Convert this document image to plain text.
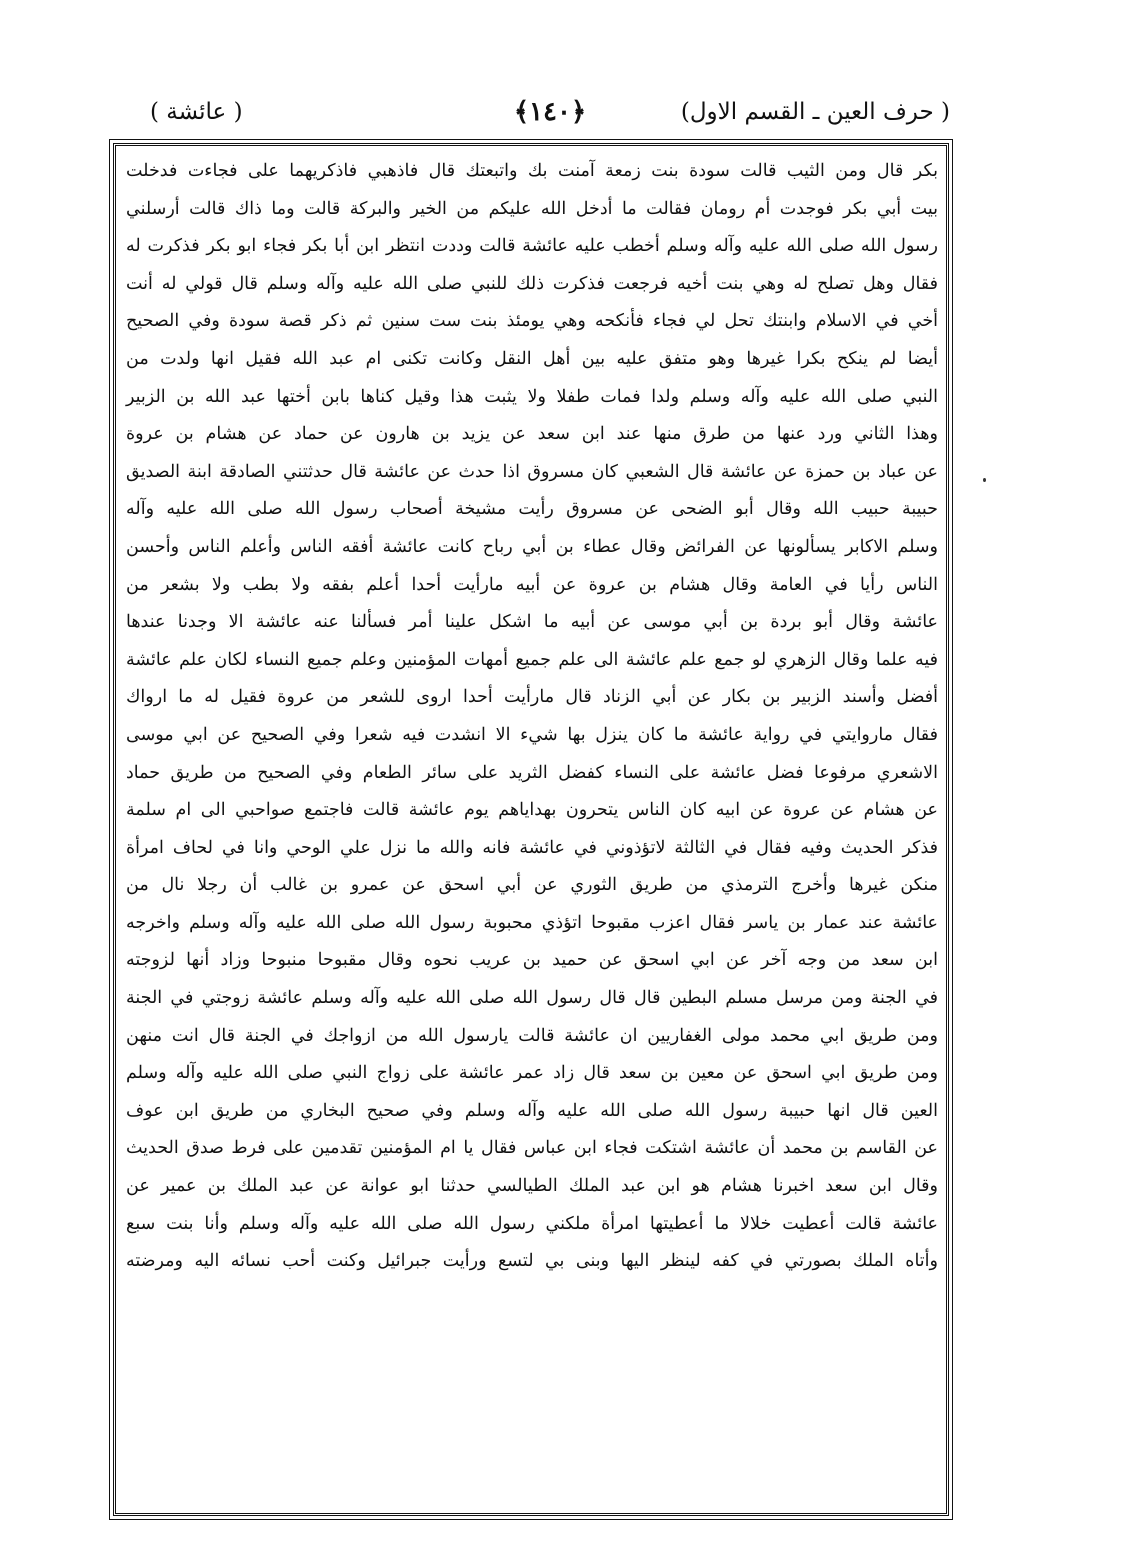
( حرف العين ـ القسم الاول)
﴿١٤٠﴾
( عائشة )
بكر قال ومن الثيب قالت سودة بنت زمعة آمنت بك واتبعتك قال فاذهبي فاذكريهما على فجاءت فدخلت
بيت أبي بكر فوجدت أم رومان فقالت ما أدخل الله عليكم من الخير والبركة قالت وما ذاك قالت أرسلني
رسول الله صلى الله عليه وآله وسلم أخطب عليه عائشة قالت وددت انتظر ابن أبا بكر فجاء ابو بكر فذكرت له
فقال وهل تصلح له وهي بنت أخيه فرجعت فذكرت ذلك للنبي صلى الله عليه وآله وسلم قال قولي له أنت
أخي في الاسلام وابنتك تحل لي فجاء فأنكحه وهي يومئذ بنت ست سنين ثم ذكر قصة سودة وفي الصحيح
أيضا لم ينكح بكرا غيرها وهو متفق عليه بين أهل النقل وكانت تكنى ام عبد الله فقيل انها ولدت من
النبي صلى الله عليه وآله وسلم ولدا فمات طفلا ولا يثبت هذا وقيل كناها بابن أختها عبد الله بن الزبير
وهذا الثاني ورد عنها من طرق منها عند ابن سعد عن يزيد بن هارون عن حماد عن هشام بن عروة
عن عباد بن حمزة عن عائشة قال الشعبي كان مسروق اذا حدث عن عائشة قال حدثتني الصادقة ابنة الصديق
حبيبة حبيب الله وقال أبو الضحى عن مسروق رأيت مشيخة أصحاب رسول الله صلى الله عليه وآله
وسلم الاكابر يسألونها عن الفرائض وقال عطاء بن أبي رباح كانت عائشة أفقه الناس وأعلم الناس وأحسن
الناس رأيا في العامة وقال هشام بن عروة عن أبيه مارأيت أحدا أعلم بفقه ولا بطب ولا بشعر من
عائشة وقال أبو بردة بن أبي موسى عن أبيه ما اشكل علينا أمر فسألنا عنه عائشة الا وجدنا عندها
فيه علما وقال الزهري لو جمع علم عائشة الى علم جميع أمهات المؤمنين وعلم جميع النساء لكان علم عائشة
أفضل وأسند الزبير بن بكار عن أبي الزناد قال مارأيت أحدا اروى للشعر من عروة فقيل له ما ارواك
فقال ماروايتي في رواية عائشة ما كان ينزل بها شيء الا انشدت فيه شعرا وفي الصحيح عن ابي موسى
الاشعري مرفوعا فضل عائشة على النساء كفضل الثريد على سائر الطعام وفي الصحيح من طريق حماد
عن هشام عن عروة عن ابيه كان الناس يتحرون بهداياهم يوم عائشة قالت فاجتمع صواحبي الى ام سلمة
فذكر الحديث وفيه فقال في الثالثة لاتؤذوني في عائشة فانه والله ما نزل علي الوحي وانا في لحاف امرأة
منكن غيرها وأخرج الترمذي من طريق الثوري عن أبي اسحق عن عمرو بن غالب أن رجلا نال من
عائشة عند عمار بن ياسر فقال اعزب مقبوحا اتؤذي محبوبة رسول الله صلى الله عليه وآله وسلم واخرجه
ابن سعد من وجه آخر عن ابي اسحق عن حميد بن عريب نحوه وقال مقبوحا منبوحا وزاد أنها لزوجته
في الجنة ومن مرسل مسلم البطين قال قال رسول الله صلى الله عليه وآله وسلم عائشة زوجتي في الجنة
ومن طريق ابي محمد مولى الغفاريين ان عائشة قالت يارسول الله من ازواجك في الجنة قال انت منهن
ومن طريق ابي اسحق عن معين بن سعد قال زاد عمر عائشة على زواج النبي صلى الله عليه وآله وسلم
العين قال انها حبيبة رسول الله صلى الله عليه وآله وسلم وفي صحيح البخاري من طريق ابن عوف
عن القاسم بن محمد أن عائشة اشتكت فجاء ابن عباس فقال يا ام المؤمنين تقدمين على فرط صدق الحديث
وقال ابن سعد اخبرنا هشام هو ابن عبد الملك الطيالسي حدثنا ابو عوانة عن عبد الملك بن عمير عن
عائشة قالت أعطيت خلالا ما أعطيتها امرأة ملكني رسول الله صلى الله عليه وآله وسلم وأنا بنت سبع
وأتاه الملك بصورتي في كفه لينظر اليها وبنى بي لتسع ورأيت جبرائيل وكنت أحب نسائه اليه ومرضته
